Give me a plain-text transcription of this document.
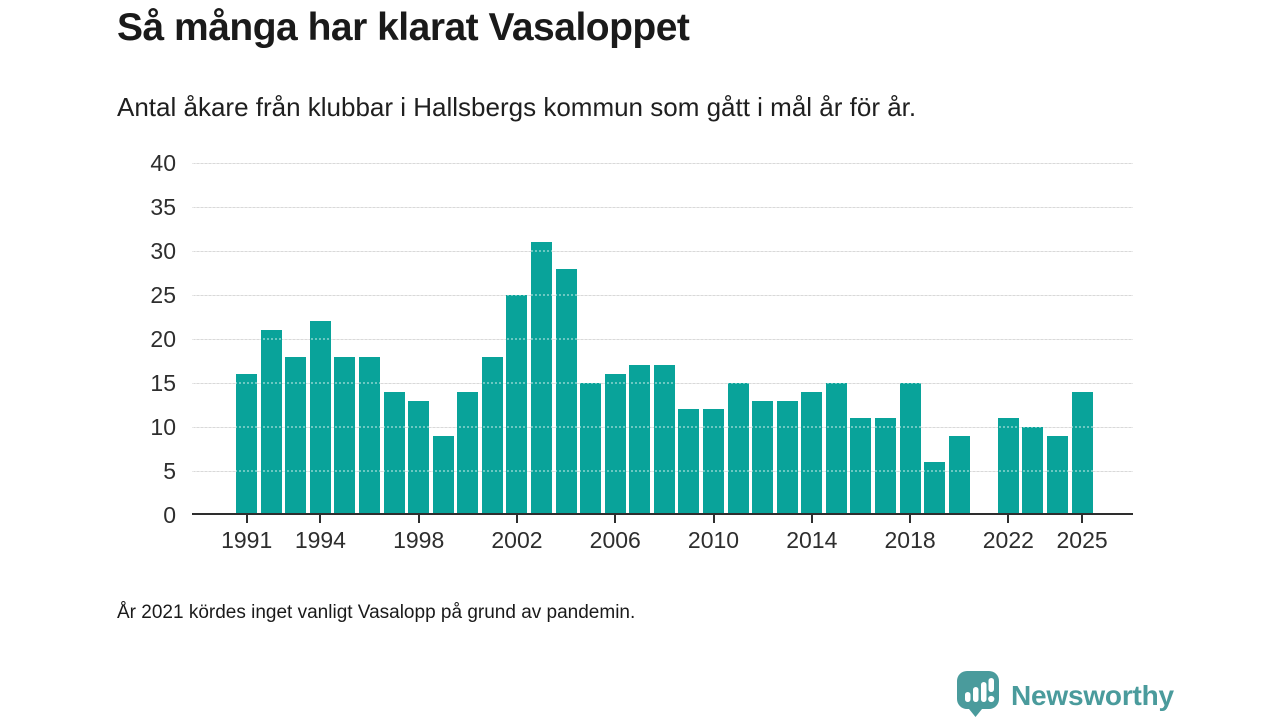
Så många har klarat Vasaloppet
Antal åkare från klubbar i Hallsbergs kommun som gått i mål år för år.
0
5
10
15
20
25
30
35
40
1991 1994	1998	2002	2006	2010	2014	2018	2022 2025
År 2021 kördes inget vanligt Vasalopp på grund av pandemin.
Newsworthy
